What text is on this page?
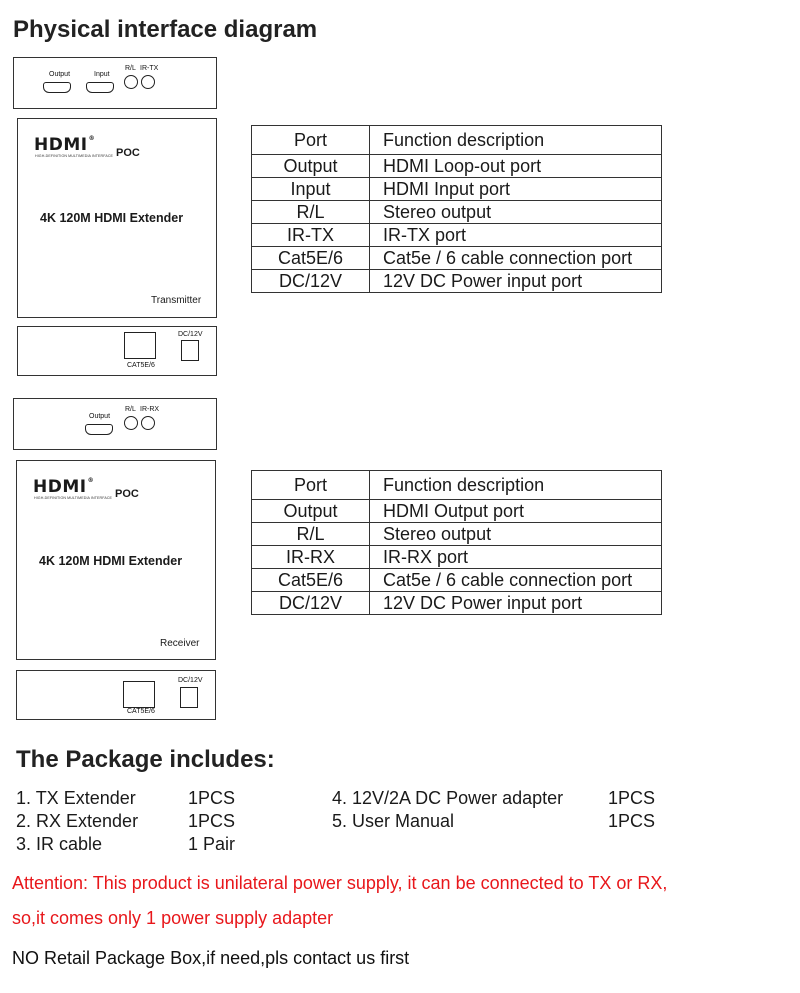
Physical interface diagram
Output	Input
R/L IR-TX
HDMI®
HIGH-DEFINITION MULTIMEDIA INTERFACE POC
4K 120M HDMI Extender
Transmitter
CAT5E/6
DC/12V
Port	Function description
Output	HDMI Loop-out port
Input	HDMI Input port
R/L	Stereo output
IR-TX	IR-TX port
Cat5E/6	Cat5e / 6 cable connection port
DC/12V	12V DC Power input port
Output
R/L IR-RX
HDMI®
HIGH-DEFINITION MULTIMEDIA INTERFACE POC
4K 120M HDMI Extender
Receiver
CAT5E/6
DC/12V
Port	Function description
Output	HDMI Output port
R/L	Stereo output
IR-RX	IR-RX port
Cat5E/6	Cat5e / 6 cable connection port
DC/12V	12V DC Power input port
The Package includes:
1. TX Extender	1PCS
2. RX Extender	1PCS
3. IR cable	1 Pair
4. 12V/2A DC Power adapter 1PCS
5. User Manual	1PCS
Attention: This product is unilateral power supply, it can be connected to TX or RX,
so,it comes only 1 power supply adapter
NO Retail Package Box,if need,pls contact us first
